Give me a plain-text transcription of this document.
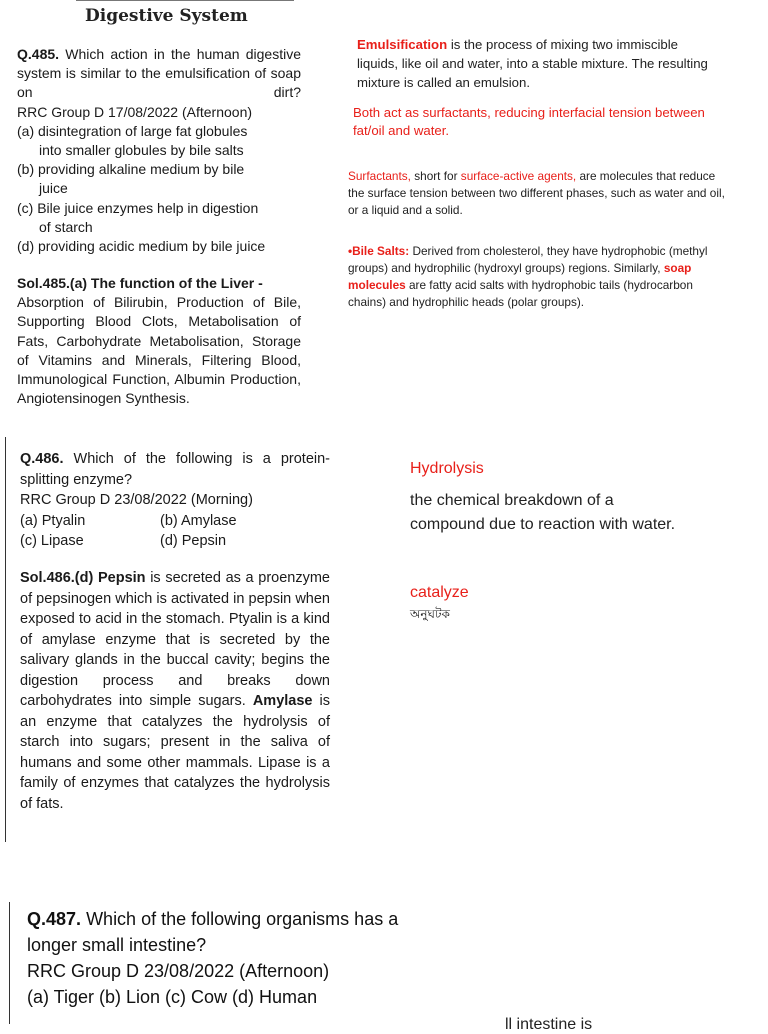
Digestive System

Q.485. Which action in the human digestive system is similar to the emulsification of soap on dirt?

RRC Group D 17/08/2022 (Afternoon)

(a) disintegration of large fat globules

into smaller globules by bile salts

(b) providing alkaline medium by bile

juice

(c) Bile juice enzymes help in digestion

of starch

(d) providing acidic medium by bile juice

Sol.485.(a) The function of the Liver -

Absorption of Bilirubin, Production of Bile, Supporting Blood Clots, Metabolisation of Fats, Carbohydrate Metabolisation, Storage of Vitamins and Minerals, Filtering Blood, Immunological Function, Albumin Production, Angiotensinogen Synthesis.

Q.486. Which of the following is a protein-splitting enzyme?

RRC Group D 23/08/2022 (Morning)

(a) Ptyalin	(b) Amylase
(c) Lipase	(d) Pepsin

Sol.486.(d) Pepsin is secreted as a proenzyme of pepsinogen which is activated in pepsin when exposed to acid in the stomach. Ptyalin is a kind of amylase enzyme that is secreted by the salivary glands in the buccal cavity; begins the digestion process and breaks down carbohydrates into simple sugars. Amylase is an enzyme that catalyzes the hydrolysis of starch into sugars; present in the saliva of humans and some other mammals. Lipase is a family of enzymes that catalyzes the hydrolysis of fats.

Q.487. Which of the following organisms has a longer small intestine?
RRC Group D 23/08/2022 (Afternoon)
(a) Tiger (b) Lion (c) Cow (d) Human
Emulsification is the process of mixing two immiscible liquids, like oil and water, into a stable mixture. The resulting mixture is called an emulsion.
Both act as surfactants, reducing interfacial tension between fat/oil and water.
Surfactants, short for surface-active agents, are molecules that reduce the surface tension between two different phases, such as water and oil, or a liquid and a solid.
•Bile Salts: Derived from cholesterol, they have hydrophobic (methyl groups) and hydrophilic (hydroxyl groups) regions. Similarly, soap molecules are fatty acid salts with hydrophobic tails (hydrocarbon chains) and hydrophilic heads (polar groups).
Hydrolysis
the chemical breakdown of a compound due to reaction with water.
catalyze
অনুঘটক
ll intestine is
